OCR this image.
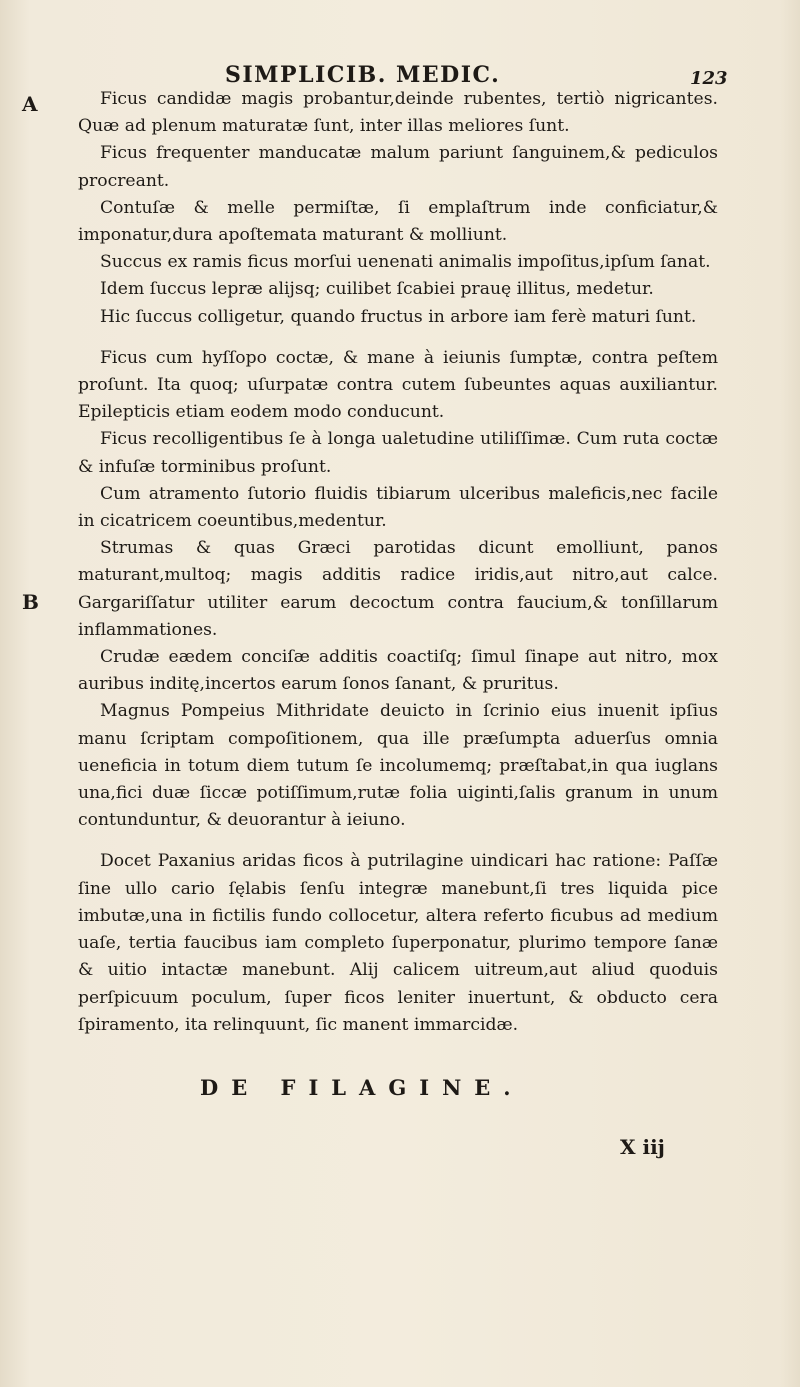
SIMPLICIB. MEDIC.	123
A
B

Ficus candidæ magis probantur,deinde rubentes, tertiò nigricantes. Quæ ad plenum maturatæ ſunt, inter illas meliores ſunt.

Ficus frequenter manducatæ malum pariunt ſanguinem,& pediculos procreant.

Contuſæ & melle permiſtæ, ſi emplaſtrum inde conficiatur,& imponatur,dura apoſtemata maturant & molliunt.

Succus ex ramis ficus morſui uenenati animalis impoſitus,ipſum ſanat.

Idem ſuccus lepræ alijsq; cuilibet ſcabiei prauę illitus, medetur.

Hic ſuccus colligetur, quando fructus in arbore iam ferè maturi ſunt.

Ficus cum hyſſopo coctæ, & mane à ieiunis ſumptæ, contra peſtem proſunt. Ita quoq; uſurpatæ contra cutem ſubeuntes aquas auxiliantur. Epilepticis etiam eodem modo conducunt.

Ficus recolligentibus ſe à longa ualetudine utiliſſimæ. Cum ruta coctæ & infuſæ torminibus proſunt.

Cum atramento ſutorio fluidis tibiarum ulceribus maleficis,nec facile in cicatricem coeuntibus,medentur.

Strumas & quas Græci parotidas dicunt emolliunt, panos maturant,multoq; magis additis radice iridis,aut nitro,aut calce. Gargariſſatur utiliter earum decoctum contra faucium,& tonſillarum inflammationes.

Crudæ eædem conciſæ additis coactiſq; ſimul ſinape aut nitro, mox auribus inditę,incertos earum ſonos ſanant, & pruritus.

Magnus Pompeius Mithridate deuicto in ſcrinio eius inuenit ipſius manu ſcriptam compoſitionem, qua ille præſumpta aduerſus omnia ueneficia in totum diem tutum ſe incolumemq; præſtabat,in qua iuglans una,fici duæ ſiccæ potiſſimum,rutæ folia uiginti,ſalis granum in unum contunduntur, & deuorantur à ieiuno.

Docet Paxanius aridas ficos à putrilagine uindicari hac ratione: Paſſæ ſine ullo cario ſęlabis ſenſu integræ manebunt,ſi tres liquida pice imbutæ,una in fictilis fundo collocetur, altera referto ficubus ad medium uaſe, tertia faucibus iam completo ſuperponatur, plurimo tempore ſanæ & uitio intactæ manebunt. Alij calicem uitreum,aut aliud quoduis perſpicuum poculum, ſuper ficos leniter inuertunt, & obducto cera ſpiramento, ita relinquunt, ſic manent immarcidæ.

DE FILAGINE.
X iij
